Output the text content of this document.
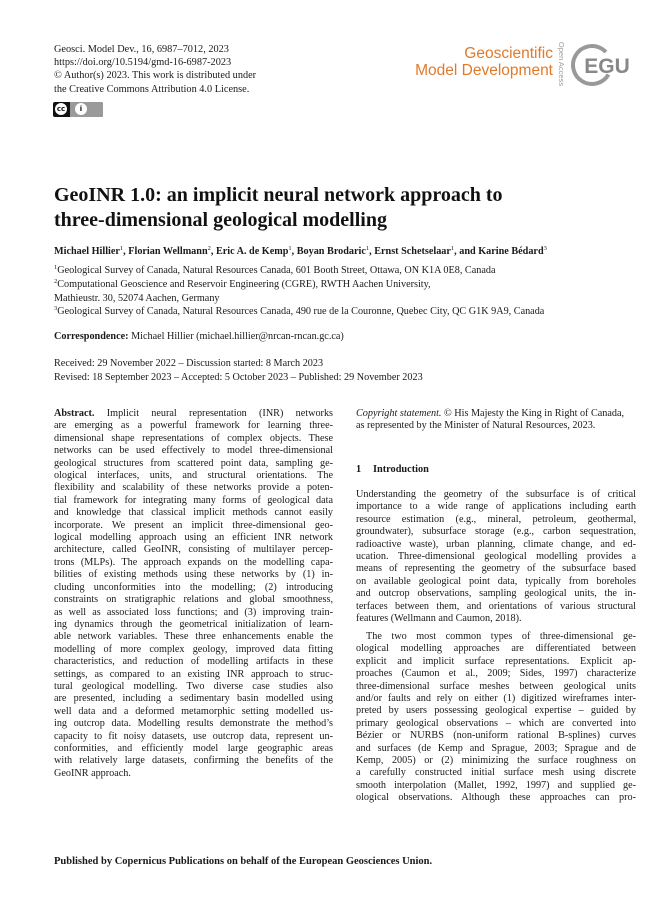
Geosci. Model Dev., 16, 6987–7012, 2023
https://doi.org/10.5194/gmd-16-6987-2023
© Author(s) 2023. This work is distributed under
the Creative Commons Attribution 4.0 License.
cc	i
Geoscientific
Model Development Open Access EGU
GeoINR 1.0: an implicit neural network approach to
three-dimensional geological modelling
Michael Hillier$^1$, Florian Wellmann$^2$, Eric A. de Kemp$^1$, Boyan Brodaric$^1$, Ernst Schetselaar$^1$, and Karine Bédard$^3$
$^1$Geological Survey of Canada, Natural Resources Canada, 601 Booth Street, Ottawa, ON K1A 0E8, Canada
$^2$Computational Geoscience and Reservoir Engineering (CGRE), RWTH Aachen University,
Mathieustr. 30, 52074 Aachen, Germany
$^3$Geological Survey of Canada, Natural Resources Canada, 490 rue de la Couronne, Quebec City, QC G1K 9A9, Canada
Correspondence: Michael Hillier (michael.hillier@nrcan-rncan.gc.ca)
Received: 29 November 2022 – Discussion started: 8 March 2023
Revised: 18 September 2023 – Accepted: 5 October 2023 – Published: 29 November 2023
Abstract. Implicit neural representation (INR) networks
are emerging as a powerful framework for learning three-
dimensional shape representations of complex objects. These
networks can be used effectively to model three-dimensional
geological structures from scattered point data, sampling ge-
ological interfaces, units, and structural orientations. The
flexibility and scalability of these networks provide a poten-
tial framework for integrating many forms of geological data
and knowledge that classical implicit methods cannot easily
incorporate. We present an implicit three-dimensional geo-
logical modelling approach using an efficient INR network
architecture, called GeoINR, consisting of multilayer percep-
trons (MLPs). The approach expands on the modelling capa-
bilities of existing methods using these networks by (1) in-
cluding unconformities into the modelling; (2) introducing
constraints on stratigraphic relations and global smoothness,
as well as associated loss functions; and (3) improving train-
ing dynamics through the geometrical initialization of learn-
able network variables. These three enhancements enable the
modelling of more complex geology, improved data fitting
characteristics, and reduction of modelling artifacts in these
settings, as compared to an existing INR approach to struc-
tural geological modelling. Two diverse case studies also
are presented, including a sedimentary basin modelled using
well data and a deformed metamorphic setting modelled us-
ing outcrop data. Modelling results demonstrate the method’s
capacity to fit noisy datasets, use outcrop data, represent un-
conformities, and efficiently model large geographic areas
with relatively large datasets, confirming the benefits of the
GeoINR approach.
Copyright statement. © His Majesty the King in Right of Canada,
as represented by the Minister of Natural Resources, 2023.
1 Introduction
Understanding the geometry of the subsurface is of critical
importance to a wide range of applications including earth
resource estimation (e.g., mineral, petroleum, geothermal,
groundwater), subsurface storage (e.g., carbon sequestration,
radioactive waste), urban planning, climate change, and ed-
ucation. Three-dimensional geological modelling provides a
means of representing the geometry of the subsurface based
on available geological point data, typically from boreholes
and outcrop observations, sampling geological units, the in-
terfaces between them, and orientations of various structural
features (Wellmann and Caumon, 2018).
The two most common types of three-dimensional ge-
ological modelling approaches are differentiated between
explicit and implicit surface representations. Explicit ap-
proaches (Caumon et al., 2009; Sides, 1997) characterize
three-dimensional surface meshes between geological units
and/or faults and rely on either (1) digitized wireframes inter-
preted by users possessing geological expertise – guided by
primary geological observations – which are converted into
Bézier or NURBS (non-uniform rational B-splines) curves
and surfaces (de Kemp and Sprague, 2003; Sprague and de
Kemp, 2005) or (2) minimizing the surface roughness on
a carefully constructed initial surface mesh using discrete
smooth interpolation (Mallet, 1992, 1997) and supplied ge-
ological observations. Although these approaches can pro-
Published by Copernicus Publications on behalf of the European Geosciences Union.
